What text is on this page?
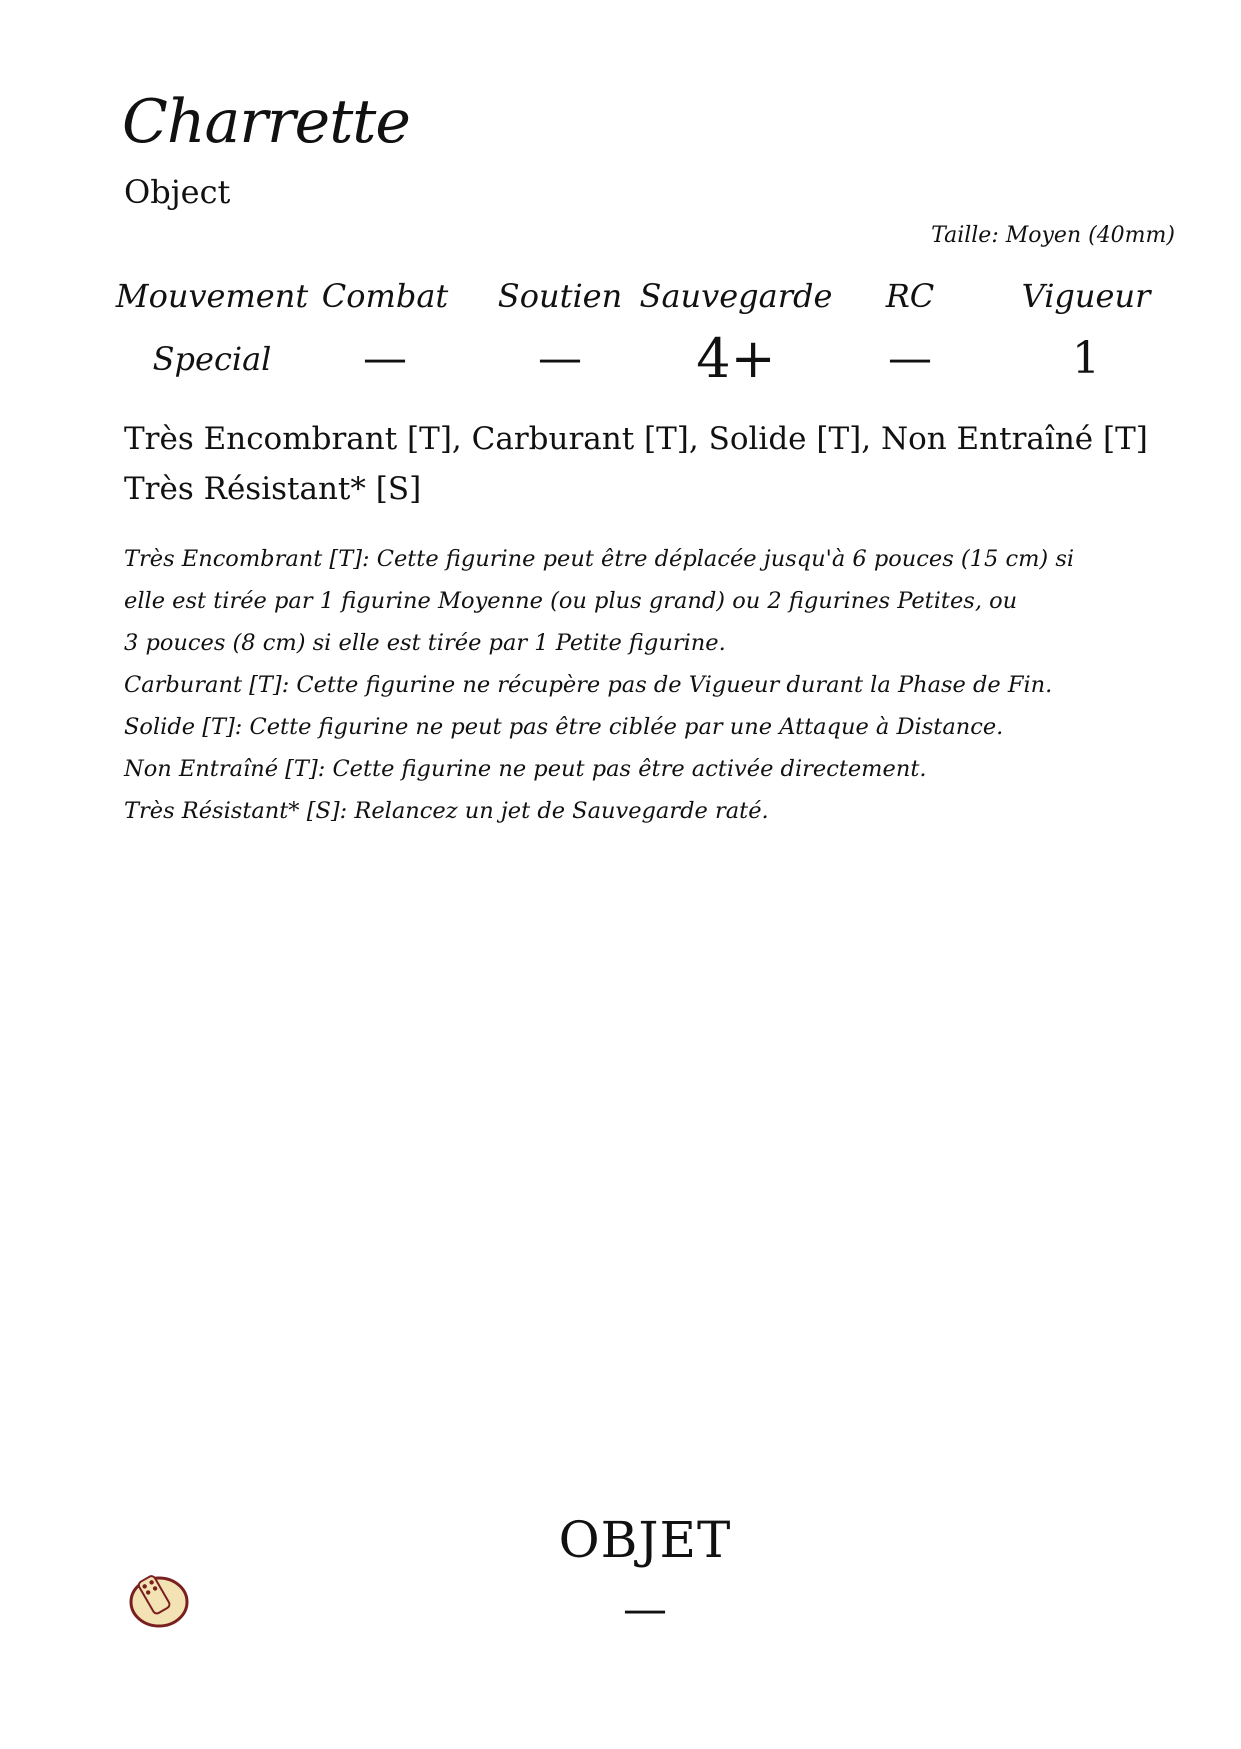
Charrette
Object
Taille: Moyen (40mm)
Mouvement
Special
Combat
—
Soutien
—
Sauvegarde
4+
RC
—
Vigueur
1
Très Encombrant [T], Carburant [T], Solide [T], Non Entraîné [T]
Très Résistant* [S]
Très Encombrant [T]: Cette figurine peut être déplacée jusqu'à 6 pouces (15 cm) si
elle est tirée par 1 figurine Moyenne (ou plus grand) ou 2 figurines Petites, ou
3 pouces (8 cm) si elle est tirée par 1 Petite figurine.
Carburant [T]: Cette figurine ne récupère pas de Vigueur durant la Phase de Fin.
Solide [T]: Cette figurine ne peut pas être ciblée par une Attaque à Distance.
Non Entraîné [T]: Cette figurine ne peut pas être activée directement.
Très Résistant* [S]: Relancez un jet de Sauvegarde raté.
OBJET
—
